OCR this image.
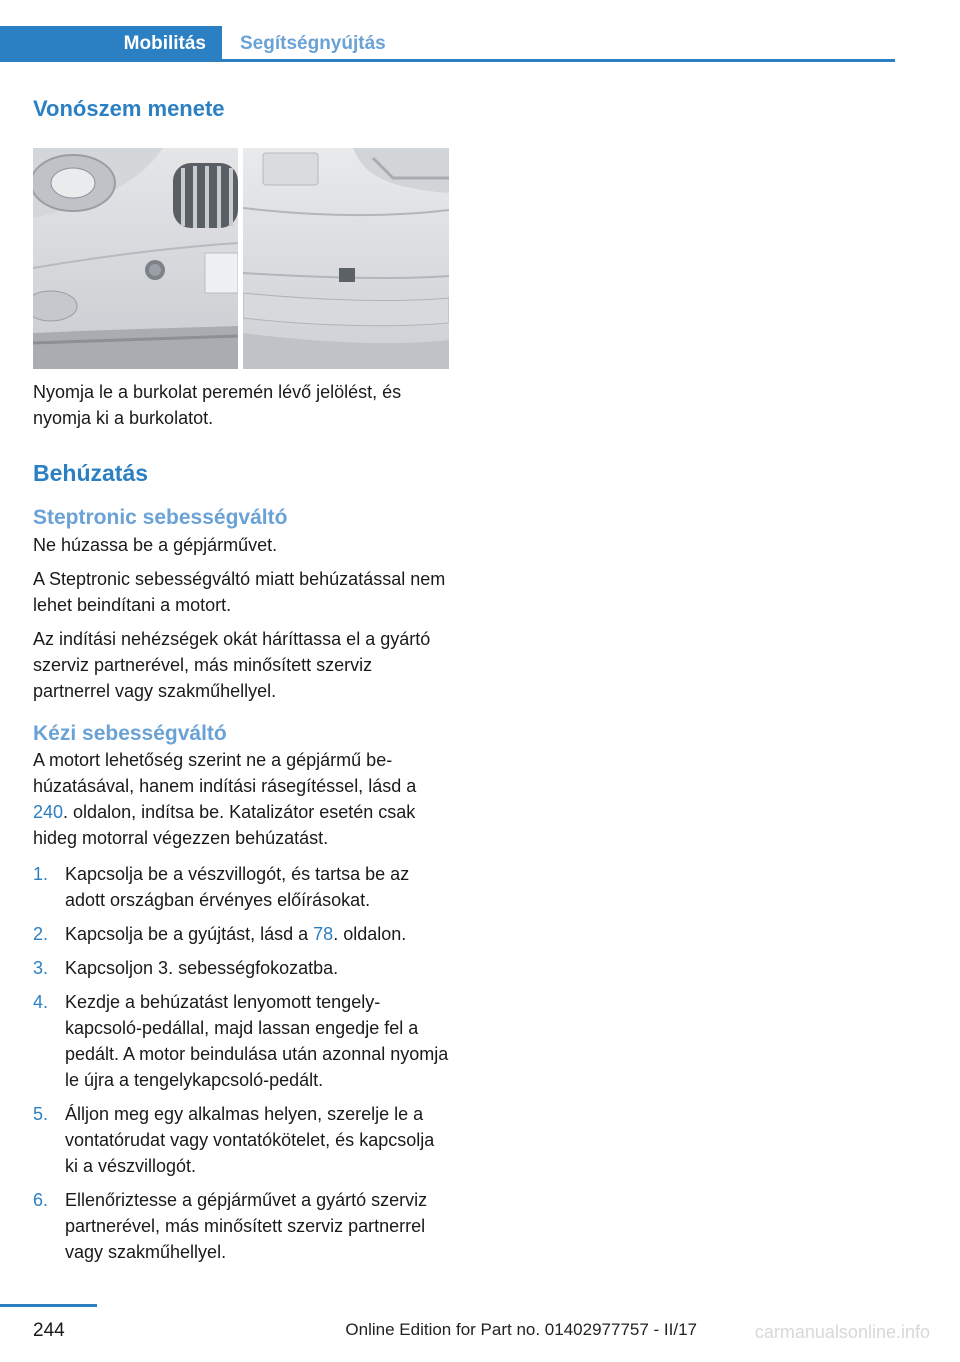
Mobilitás	Segítségnyújtás
Vonószem menete

Nyomja le a burkolat peremén lévő jelölést, és nyomja ki a burkolatot.

Behúzatás
Steptronic sebességváltó

Ne húzassa be a gépjárművet.

A Steptronic sebességváltó miatt behúzatással nem lehet beindítani a motort.

Az indítási nehézségek okát háríttassa el a gyártó szerviz partnerével, más minősített szerviz partnerrel vagy szakműhellyel.

Kézi sebességváltó

A motort lehetőség szerint ne a gépjármű behúzatásával, hanem indítási rásegítéssel, lásd a 240. oldalon, indítsa be. Katalizátor esetén csak hideg motorral végezzen behúzatást.

1. Kapcsolja be a vészvillogót, és tartsa be az adott országban érvényes előírásokat.
2. Kapcsolja be a gyújtást, lásd a 78. oldalon.
3. Kapcsoljon 3. sebességfokozatba.
4. Kezdje a behúzatást lenyomott tengelykapcsoló-pedállal, majd lassan engedje fel a pedált. A motor beindulása után azonnal nyomja le újra a tengelykapcsoló-pedált.
5. Álljon meg egy alkalmas helyen, szerelje le a vontatórudat vagy vontatókötelet, és kapcsolja ki a vészvillogót.
6. Ellenőriztesse a gépjárművet a gyártó szerviz partnerével, más minősített szerviz partnerrel vagy szakműhellyel.
244	Online Edition for Part no. 01402977757 - II/17	carmanualsonline.info
